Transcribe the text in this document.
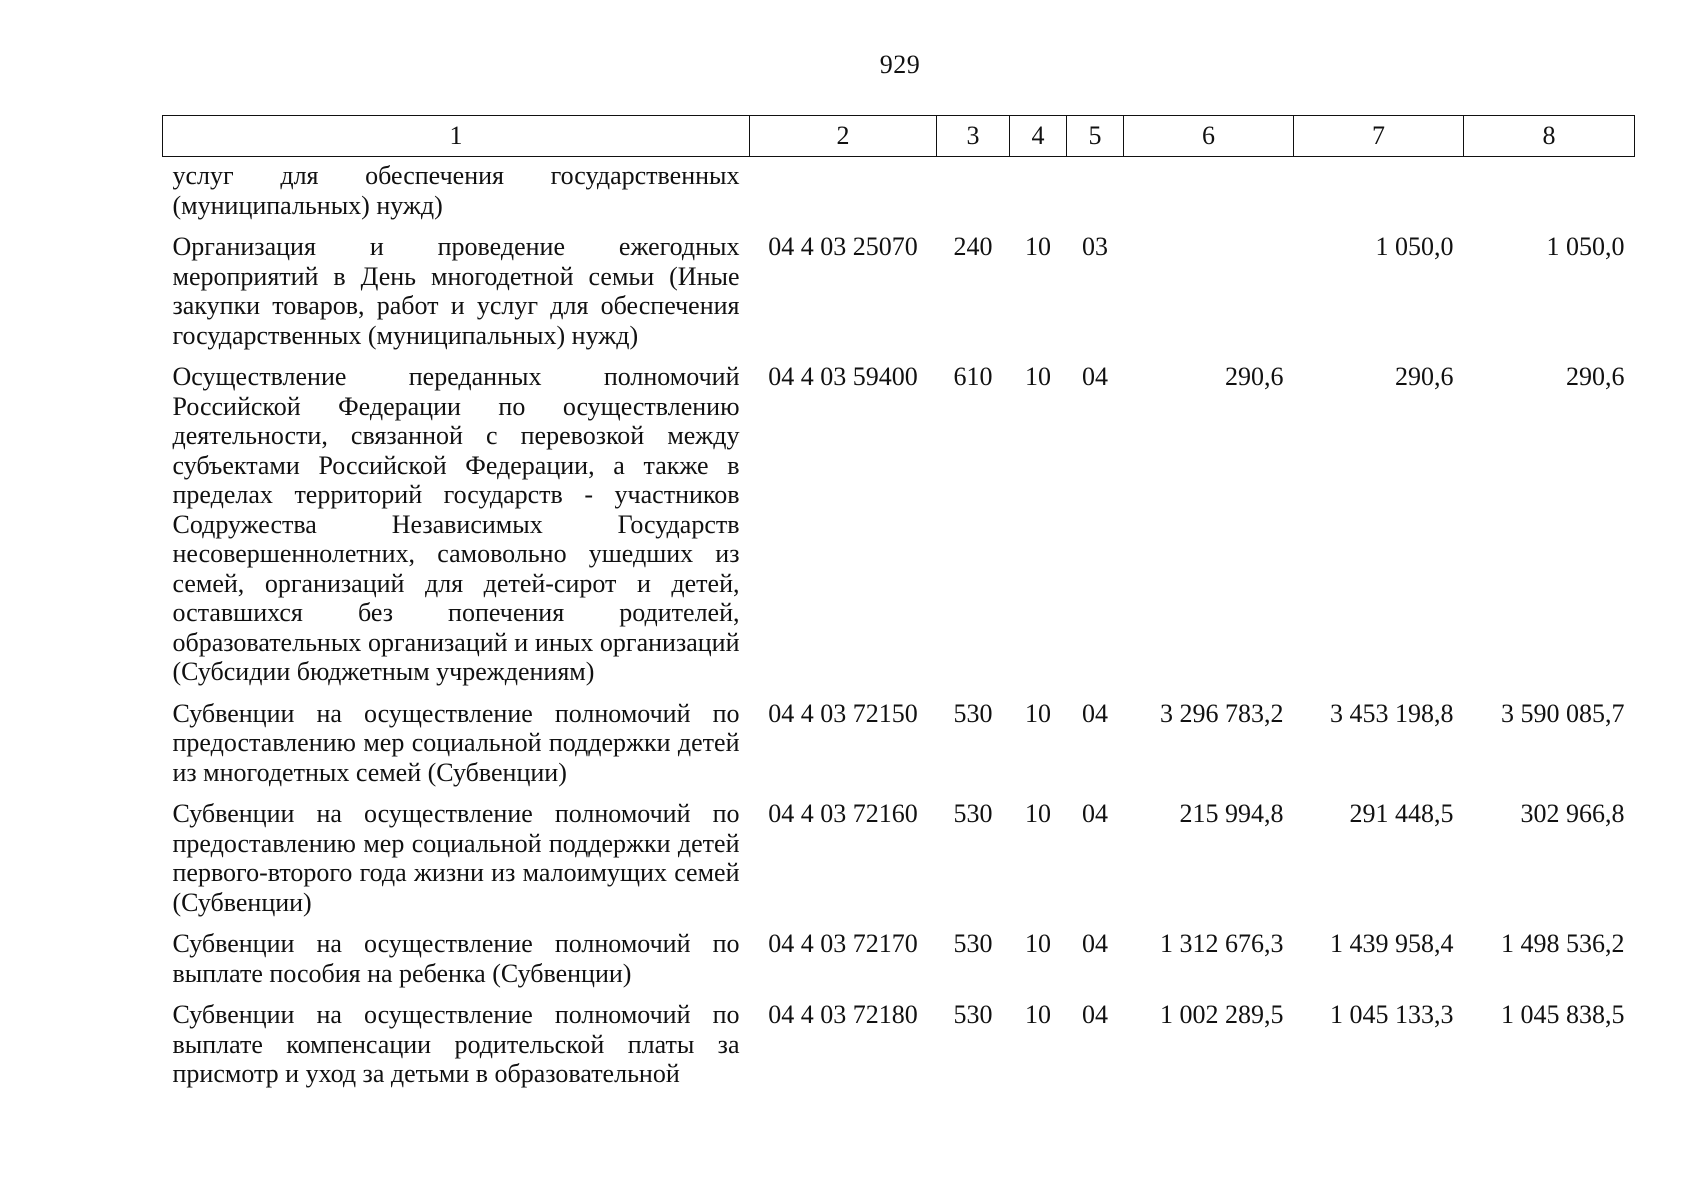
929
1	2	3	4	5	6	7	8
услуг для обеспечения государственных (муниципальных) нужд)							
Организация и проведение ежегодных мероприятий в День многодетной семьи (Иные закупки товаров, работ и услуг для обеспечения государственных (муниципальных) нужд)	04 4 03 25070	240	10	03		1 050,0	1 050,0
Осуществление переданных полномочий Российской Федерации по осуществлению деятельности, связанной с перевозкой между субъектами Российской Федерации, а также в пределах территорий государств - участников Содружества Независимых Государств несовершеннолетних, самовольно ушедших из семей, организаций для детей-сирот и детей, оставшихся без попечения родителей, образовательных организаций и иных организаций (Субсидии бюджетным учреждениям)	04 4 03 59400	610	10	04	290,6	290,6	290,6
Субвенции на осуществление полномочий по предоставлению мер социальной поддержки детей из многодетных семей (Субвенции)	04 4 03 72150	530	10	04	3 296 783,2	3 453 198,8	3 590 085,7
Субвенции на осуществление полномочий по предоставлению мер социальной поддержки детей первого-второго года жизни из малоимущих семей (Субвенции)	04 4 03 72160	530	10	04	215 994,8	291 448,5	302 966,8
Субвенции на осуществление полномочий по выплате пособия на ребенка (Субвенции)	04 4 03 72170	530	10	04	1 312 676,3	1 439 958,4	1 498 536,2
Субвенции на осуществление полномочий по выплате компенсации родительской платы за присмотр и уход за детьми в образовательной	04 4 03 72180	530	10	04	1 002 289,5	1 045 133,3	1 045 838,5
